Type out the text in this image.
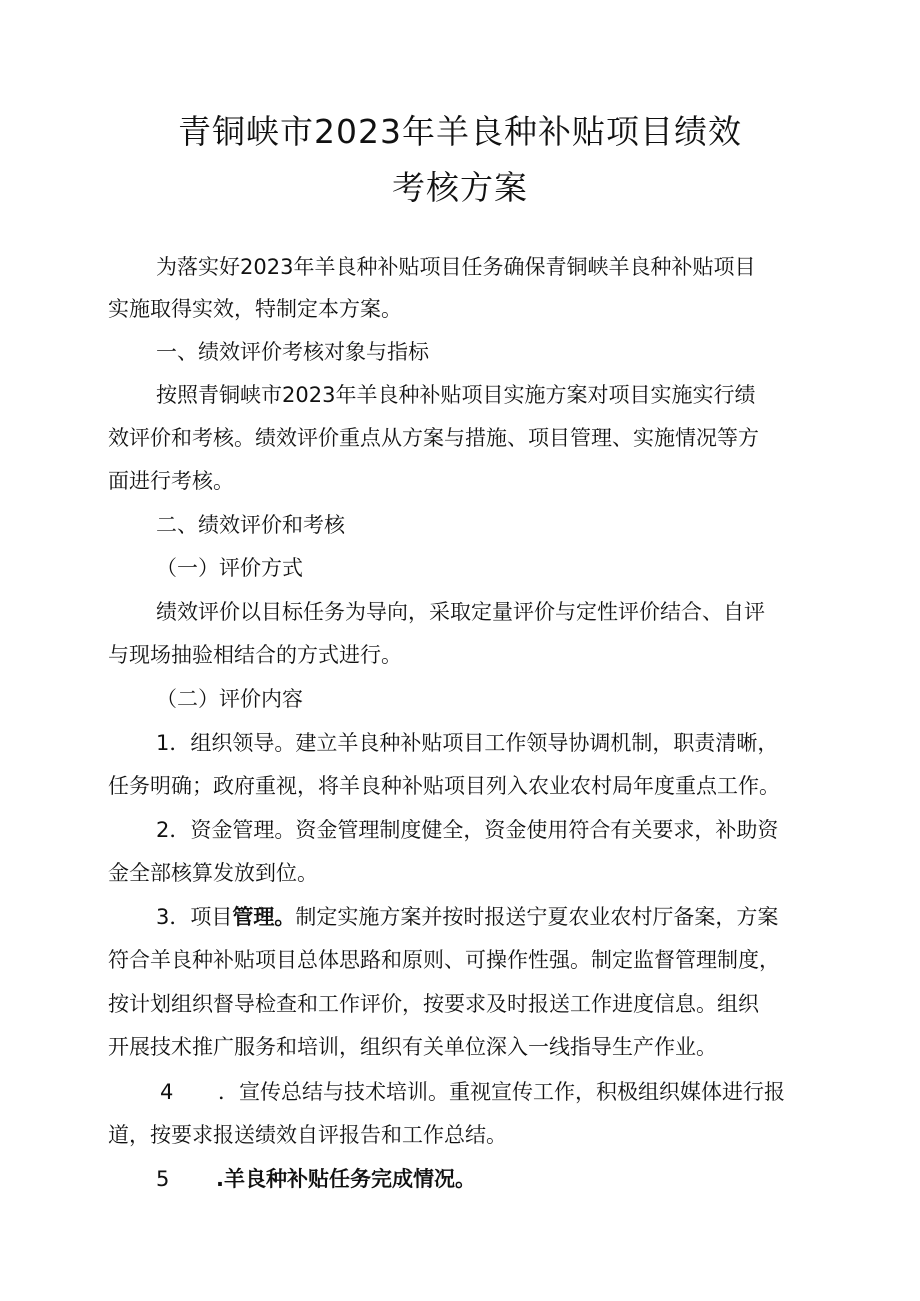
青铜峡市2023年羊良种补贴项目绩效
考核方案
为落实好2023年羊良种补贴项目任务确保青铜峡羊良种补贴项目
实施取得实效，特制定本方案。
一、绩效评价考核对象与指标
按照青铜峡市2023年羊良种补贴项目实施方案对项目实施实行绩
效评价和考核。绩效评价重点从方案与措施、项目管理、实施情况等方
面进行考核。
二、绩效评价和考核
（一）评价方式
绩效评价以目标任务为导向，采取定量评价与定性评价结合、自评
与现场抽验相结合的方式进行。
（二）评价内容
1．组织领导。建立羊良种补贴项目工作领导协调机制，职责清晰，
任务明确；政府重视，将羊良种补贴项目列入农业农村局年度重点工作。
2．资金管理。资金管理制度健全，资金使用符合有关要求，补助资
金全部核算发放到位。
3．项目管理。制定实施方案并按时报送宁夏农业农村厅备案，方案
符合羊良种补贴项目总体思路和原则、可操作性强。制定监督管理制度，
按计划组织督导检查和工作评价，按要求及时报送工作进度信息。组织
开展技术推广服务和培训，组织有关单位深入一线指导生产作业。
4 ．宣传总结与技术培训。重视宣传工作，积极组织媒体进行报
道，按要求报送绩效自评报告和工作总结。
5 .羊良种补贴任务完成情况。
